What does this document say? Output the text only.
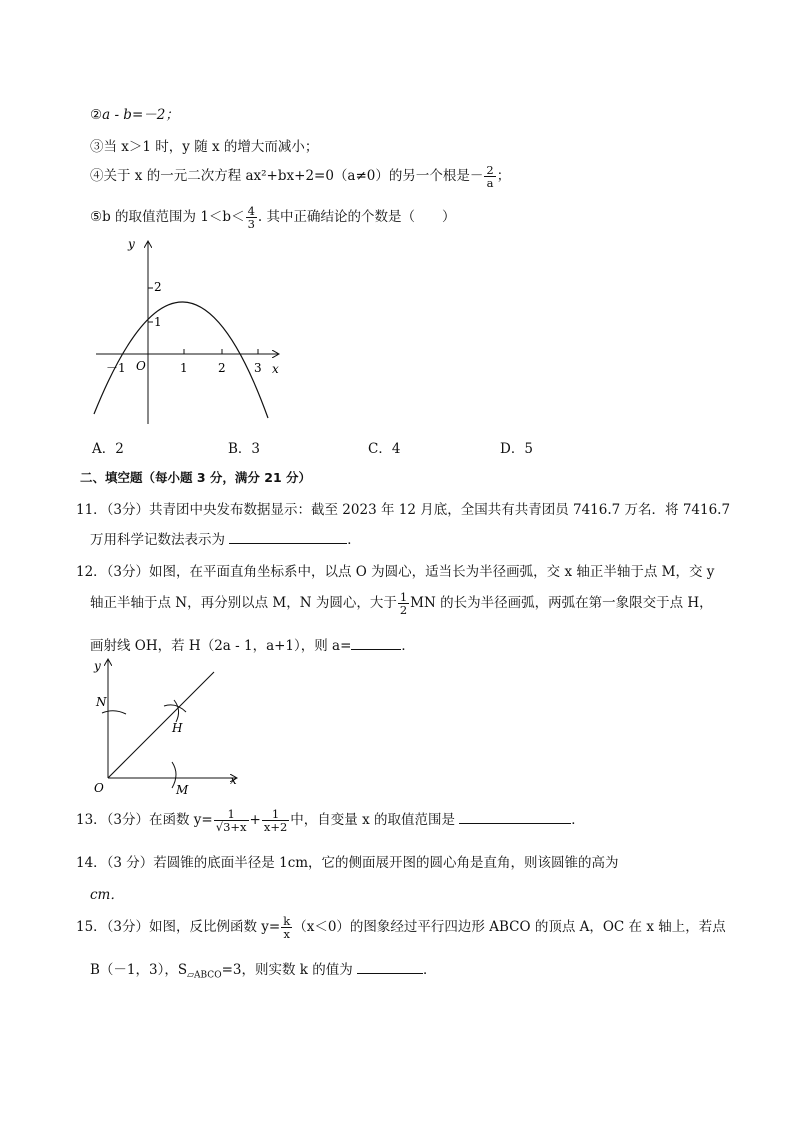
②a - b=－2；
③当 x＞1 时，y 随 x 的增大而减小；
④关于 x 的一元二次方程 ax²+bx+2=0（a≠0）的另一个根是－ $\frac{2}{a}$ ；
⑤b 的取值范围为 $1<b< \frac{4}{3}$ . 其中正确结论的个数是（　　）
y
x
O
－1	1	2 3
1
2
A．2	B．3	C．4	D．5
二、填空题（每小题 3 分，满分 21 分）
11．（3分）共青团中央发布数据显示：截至 2023 年 12 月底，全国共有共青团员 7416.7 万名．将 7416.7
万用科学记数法表示为	．
12．（3分）如图，在平面直角坐标系中，以点 O 为圆心，适当长为半径画弧，交 x 轴正半轴于点 M，交 y
轴正半轴于点 N，再分别以点 M，N 为圆心，大于 $\frac{1}{2}$ MN 的长为半径画弧，两弧在第一象限交于点 H，
画射线 OH，若 H（2a - 1，a+1），则 a=	．
y
x
O
N
M
H
13．（3分）在函数 $y= \frac{1}{√3+x} + \frac{1}{x+2}$ 中，自变量 x 的取值范围是	．
14．（3 分）若圆锥的底面半径是 1cm，它的侧面展开图的圆心角是直角，则该圆锥的高为
cm．
15．（3分）如图，反比例函数 $y= \frac{k}{x} (x<0)$的图象经过平行四边形 ABCO 的顶点 A，OC 在 x 轴上，若点
B（－1，3），$S_{▱ABCO}=3$，则实数 k 的值为	．
